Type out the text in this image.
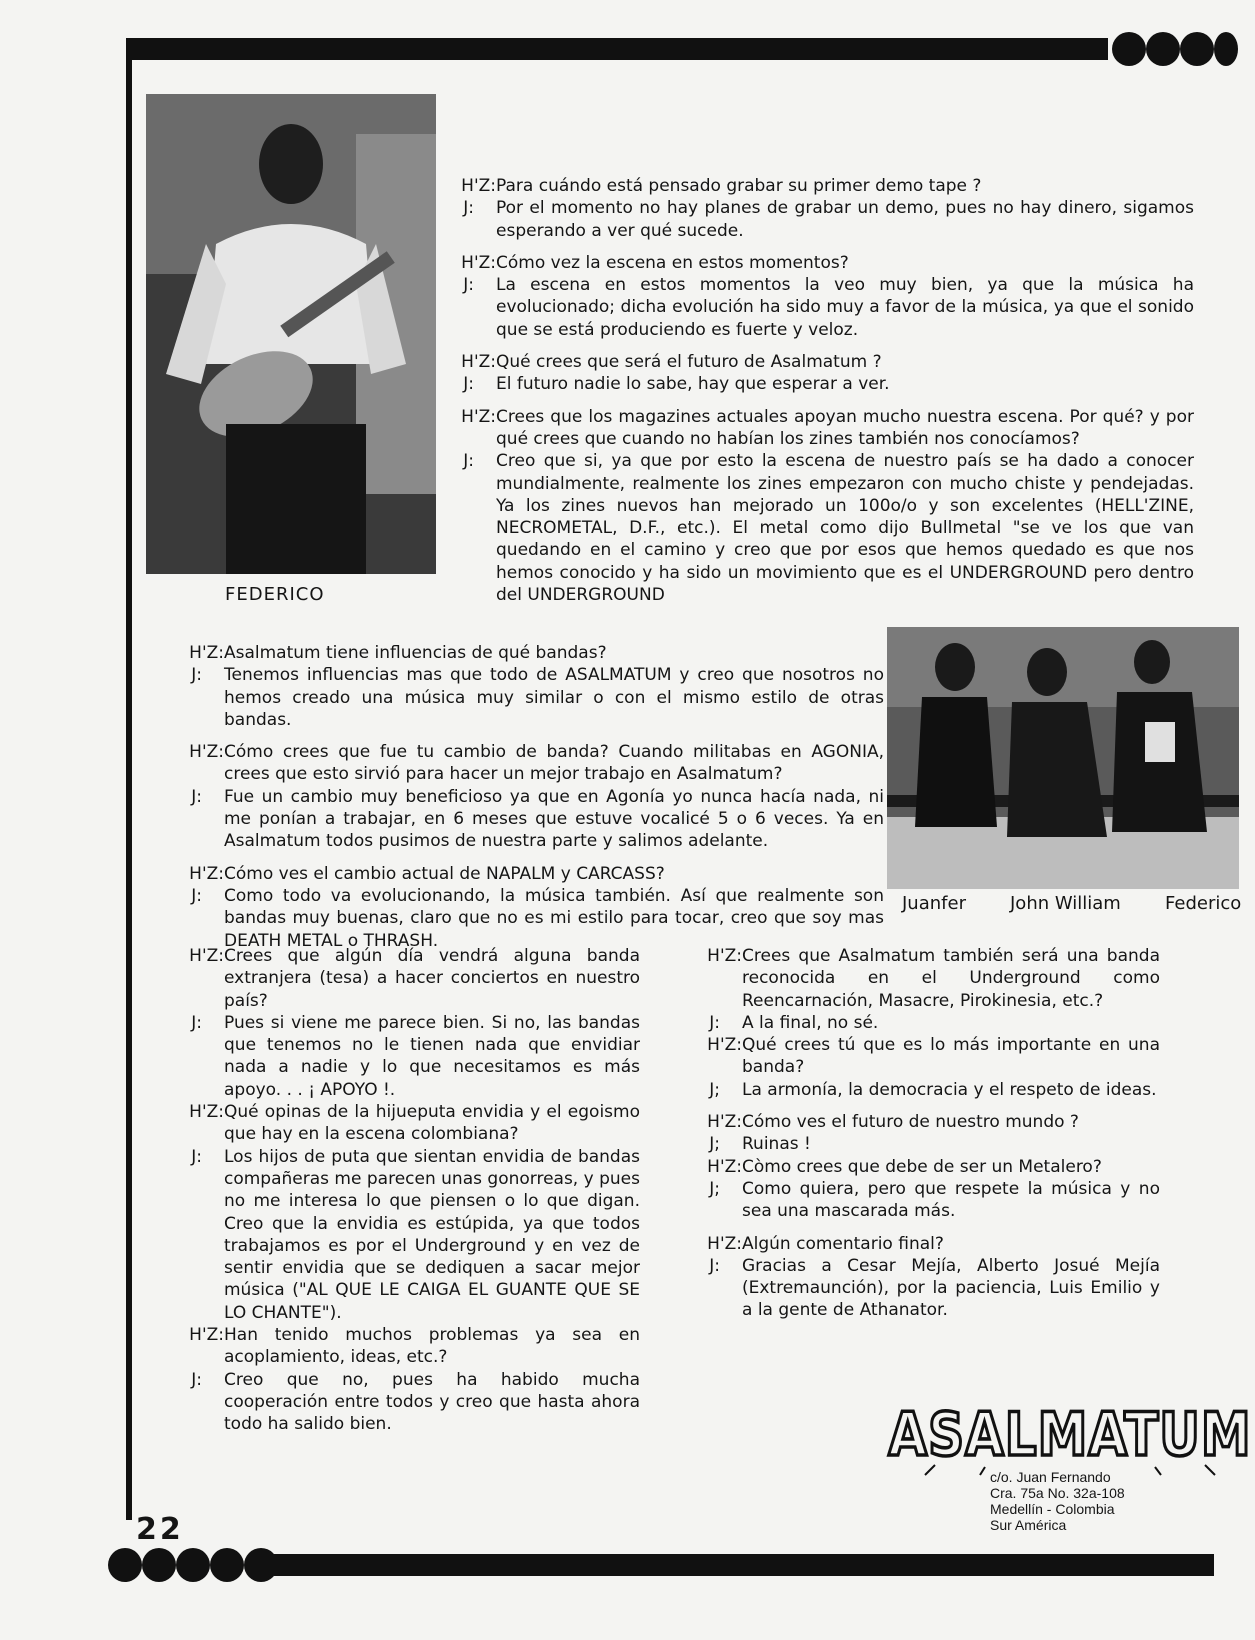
22
FEDERICO
Juanfer John William Federico
H'Z: Para cuándo está pensado grabar su primer demo tape ?
J: Por el momento no hay planes de grabar un demo, pues no hay dinero, sigamos esperando a ver qué sucede.
H'Z: Cómo vez la escena en estos momentos?
J: La escena en estos momentos la veo muy bien, ya que la música ha evolucionado; dicha evolución ha sido muy a favor de la música, ya que el sonido que se está produciendo es fuerte y veloz.
H'Z: Qué crees que será el futuro de Asalmatum ?
J: El futuro nadie lo sabe, hay que esperar a ver.
H'Z: Crees que los magazines actuales apoyan mucho nuestra escena. Por qué? y por qué crees que cuando no habían los zines también nos conocíamos?
J: Creo que si, ya que por esto la escena de nuestro país se ha dado a conocer mundialmente, realmente los zines empezaron con mucho chiste y pendejadas. Ya los zines nuevos han mejorado un 100o/o y son excelentes (HELL'ZINE, NECROMETAL, D.F., etc.). El metal como dijo Bullmetal "se ve los que van quedando en el camino y creo que por esos que hemos quedado es que nos hemos conocido y ha sido un movimiento que es el UNDERGROUND pero dentro del UNDERGROUND
H'Z: Asalmatum tiene influencias de qué bandas?
J: Tenemos influencias mas que todo de ASALMATUM y creo que nosotros no hemos creado una música muy similar o con el mismo estilo de otras bandas.
H'Z: Cómo crees que fue tu cambio de banda? Cuando militabas en AGONIA, crees que esto sirvió para hacer un mejor trabajo en Asalmatum?
J: Fue un cambio muy beneficioso ya que en Agonía yo nunca hacía nada, ni me ponían a trabajar, en 6 meses que estuve vocalicé 5 o 6 veces. Ya en Asalmatum todos pusimos de nuestra parte y salimos adelante.
H'Z: Cómo ves el cambio actual de NAPALM y CARCASS?
J: Como todo va evolucionando, la música también. Así que realmente son bandas muy buenas, claro que no es mi estilo para tocar, creo que soy mas DEATH METAL o THRASH.
H'Z: Crees que algún día vendrá alguna banda extranjera (tesa) a hacer conciertos en nuestro país?
J: Pues si viene me parece bien. Si no, las bandas que tenemos no le tienen nada que envidiar nada a nadie y lo que necesitamos es más apoyo. . . ¡ APOYO !.
H'Z: Qué opinas de la hijueputa envidia y el egoismo que hay en la escena colombiana?
J: Los hijos de puta que sientan envidia de bandas compañeras me parecen unas gonorreas, y pues no me interesa lo que piensen o lo que digan. Creo que la envidia es estúpida, ya que todos trabajamos es por el Underground y en vez de sentir envidia que se dediquen a sacar mejor música ("AL QUE LE CAIGA EL GUANTE QUE SE LO CHANTE").
H'Z: Han tenido muchos problemas ya sea en acoplamiento, ideas, etc.?
J: Creo que no, pues ha habido mucha cooperación entre todos y creo que hasta ahora todo ha salido bien.
H'Z: Crees que Asalmatum también será una banda reconocida en el Underground como Reencarnación, Masacre, Pirokinesia, etc.?
J: A la final, no sé.
H'Z: Qué crees tú que es lo más importante en una banda?
J; La armonía, la democracia y el respeto de ideas.
H'Z: Cómo ves el futuro de nuestro mundo ?
J; Ruinas !
H'Z: Còmo crees que debe de ser un Metalero?
J; Como quiera, pero que respete la música y no sea una mascarada más.
H'Z: Algún comentario final?
J: Gracias a Cesar Mejía, Alberto Josué Mejía (Extremaunción), por la paciencia, Luis Emilio y a la gente de Athanator.
ASALMATUM
c/o. Juan Fernando
Cra. 75a No. 32a-108
Medellín - Colombia
Sur América
